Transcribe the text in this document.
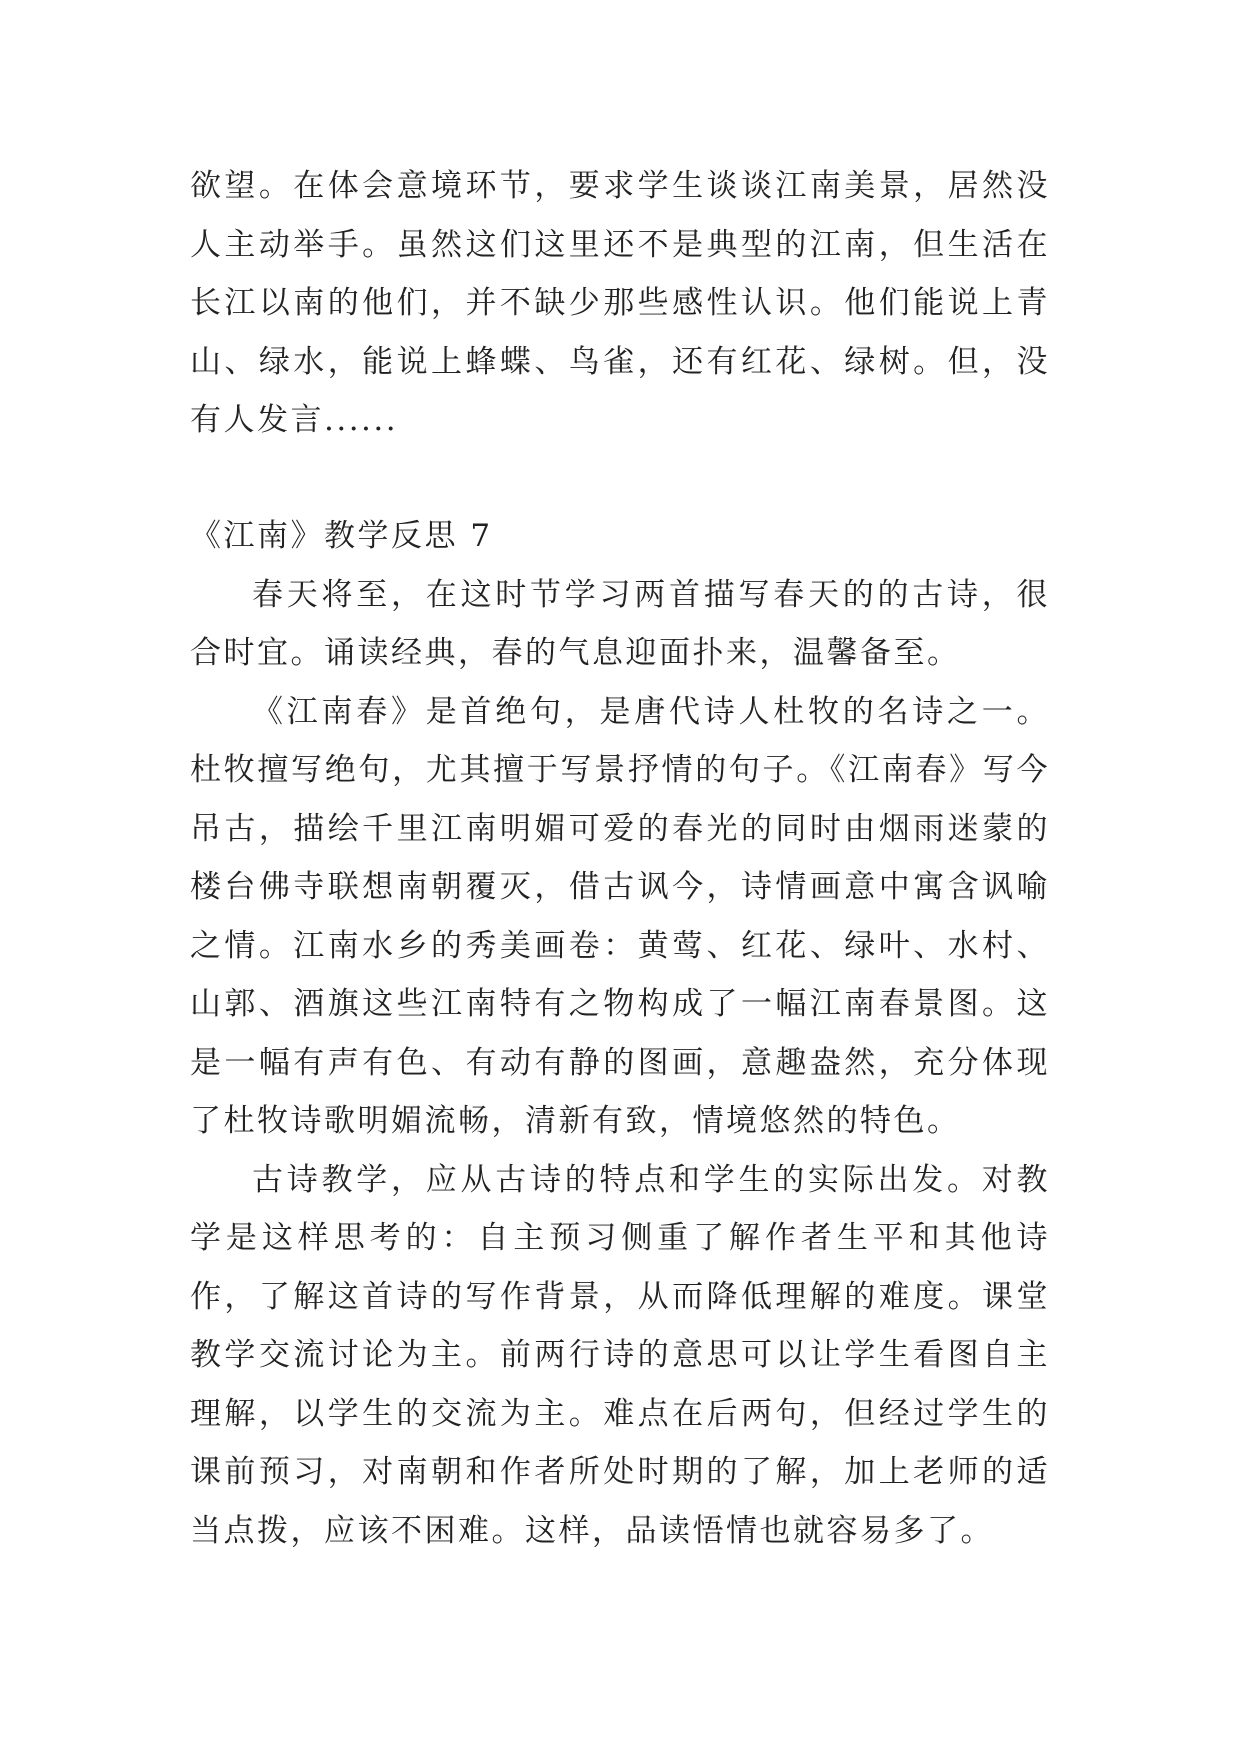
欲望。在体会意境环节，要求学生谈谈江南美景，居然没人主动举手。虽然这们这里还不是典型的江南，但生活在长江以南的他们，并不缺少那些感性认识。他们能说上青山、绿水，能说上蜂蝶、鸟雀，还有红花、绿树。但，没有人发言......

《江南》教学反思 7

春天将至，在这时节学习两首描写春天的的古诗，很合时宜。诵读经典，春的气息迎面扑来，温馨备至。

《江南春》是首绝句，是唐代诗人杜牧的名诗之一。杜牧擅写绝句，尤其擅于写景抒情的句子。《江南春》写今吊古，描绘千里江南明媚可爱的春光的同时由烟雨迷蒙的楼台佛寺联想南朝覆灭，借古讽今，诗情画意中寓含讽喻之情。江南水乡的秀美画卷：黄莺、红花、绿叶、水村、山郭、酒旗这些江南特有之物构成了一幅江南春景图。这是一幅有声有色、有动有静的图画，意趣盎然，充分体现了杜牧诗歌明媚流畅，清新有致，情境悠然的特色。

古诗教学，应从古诗的特点和学生的实际出发。对教学是这样思考的：自主预习侧重了解作者生平和其他诗作，了解这首诗的写作背景，从而降低理解的难度。课堂教学交流讨论为主。前两行诗的意思可以让学生看图自主理解，以学生的交流为主。难点在后两句，但经过学生的课前预习，对南朝和作者所处时期的了解，加上老师的适当点拨，应该不困难。这样，品读悟情也就容易多了。
